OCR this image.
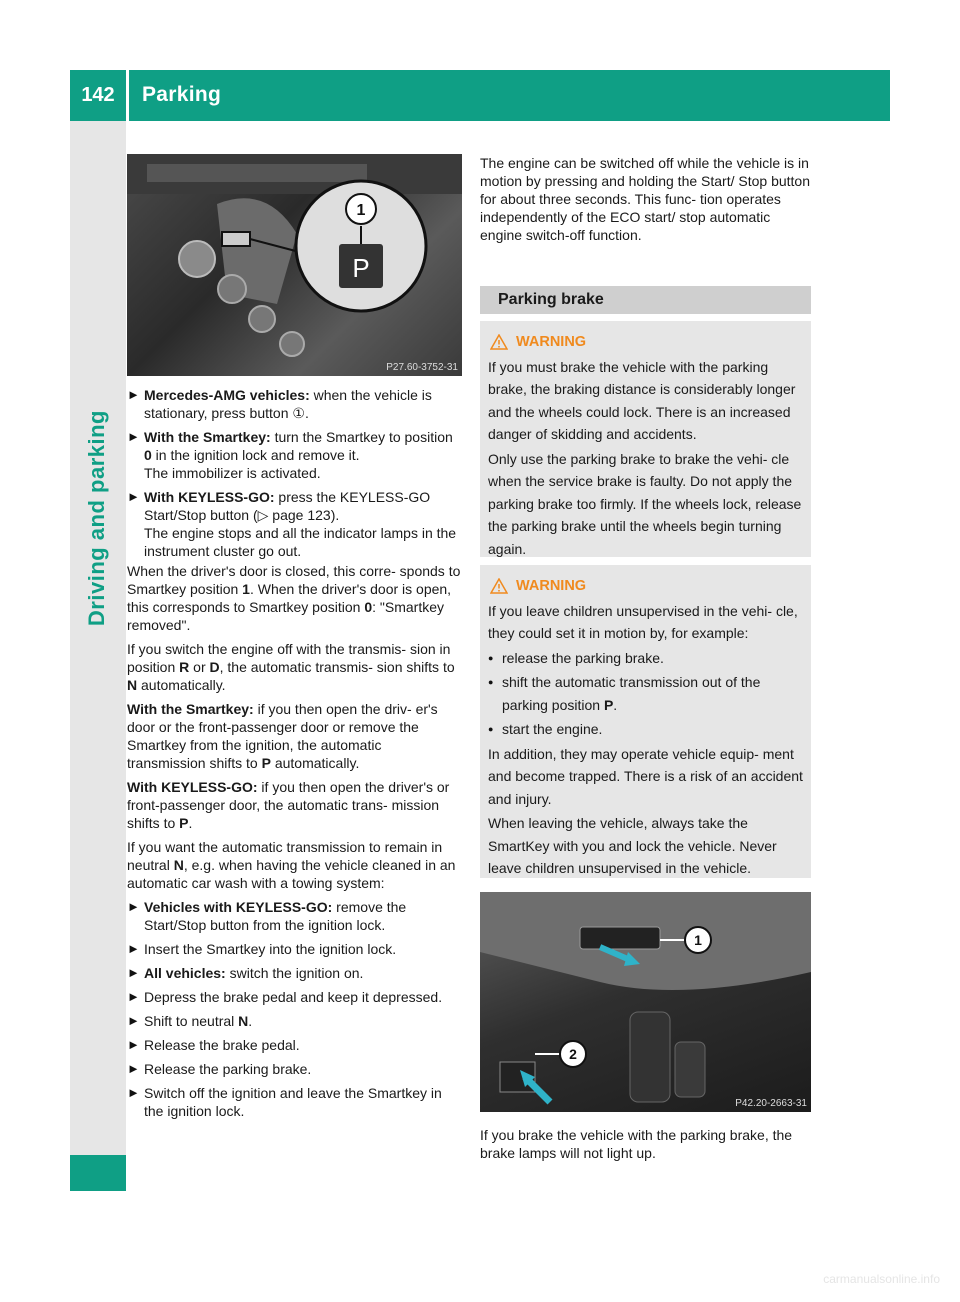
142	Parking
Driving and parking
P
1
P27.60-3752-31
► Mercedes-AMG vehicles: when the vehicle is stationary, press button ①.
► With the Smartkey: turn the Smartkey to position 0 in the ignition lock and remove it.
The immobilizer is activated.
► With KEYLESS-GO: press the KEYLESS-GO Start/Stop button (▷ page 123).
The engine stops and all the indicator lamps in the instrument cluster go out.

When the driver's door is closed, this corre- sponds to Smartkey position 1. When the driver's door is open, this corresponds to Smartkey position 0: "Smartkey removed".

If you switch the engine off with the transmis- sion in position R or D, the automatic transmis- sion shifts to N automatically.

With the Smartkey: if you then open the driv- er's door or the front-passenger door or remove the Smartkey from the ignition, the automatic transmission shifts to P automatically.

With KEYLESS-GO: if you then open the driver's or front-passenger door, the automatic trans- mission shifts to P.

If you want the automatic transmission to remain in neutral N, e.g. when having the vehicle cleaned in an automatic car wash with a towing system:

► Vehicles with KEYLESS-GO: remove the Start/Stop button from the ignition lock.
► Insert the Smartkey into the ignition lock.
► All vehicles: switch the ignition on.
► Depress the brake pedal and keep it depressed.
► Shift to neutral N.
► Release the brake pedal.
► Release the parking brake.
► Switch off the ignition and leave the Smartkey in the ignition lock.

The engine can be switched off while the vehicle is in motion by pressing and holding the Start/ Stop button for about three seconds. This func- tion operates independently of the ECO start/ stop automatic engine switch-off function.

Parking brake
WARNING

If you must brake the vehicle with the parking brake, the braking distance is considerably longer and the wheels could lock. There is an increased danger of skidding and accidents.

Only use the parking brake to brake the vehi- cle when the service brake is faulty. Do not apply the parking brake too firmly. If the wheels lock, release the parking brake until the wheels begin turning again.

WARNING

If you leave children unsupervised in the vehi- cle, they could set it in motion by, for example:

● release the parking brake.
● shift the automatic transmission out of the parking position P.
● start the engine.

In addition, they may operate vehicle equip- ment and become trapped. There is a risk of an accident and injury.

When leaving the vehicle, always take the SmartKey with you and lock the vehicle. Never leave children unsupervised in the vehicle.

1
2
P42.20-2663-31

If you brake the vehicle with the parking brake, the brake lamps will not light up.

carmanualsonline.info
